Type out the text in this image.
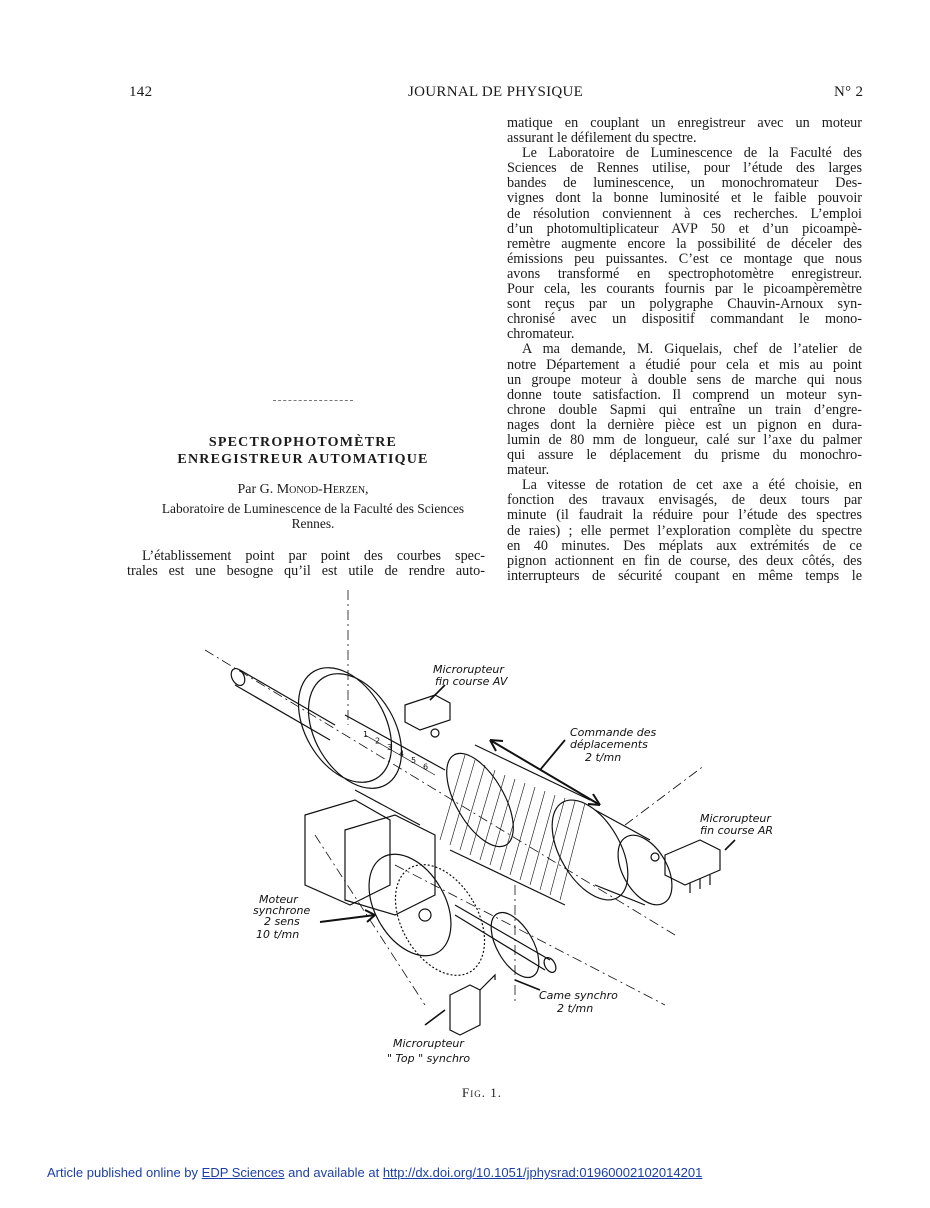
142	JOURNAL DE PHYSIQUE	N° 2
SPECTROPHOTOMÈTRE
ENREGISTREUR AUTOMATIQUE
Par G. Monod-Herzen,
Laboratoire de Luminescence de la Faculté des Sciences
Rennes.
L’établissement point par point des courbes spec-
trales est une besogne qu’il est utile de rendre auto-
matique en couplant un enregistreur avec un moteur
assurant le défilement du spectre.
Le Laboratoire de Luminescence de la Faculté des
Sciences de Rennes utilise, pour l’étude des larges
bandes de luminescence, un monochromateur Des-
vignes dont la bonne luminosité et le faible pouvoir
de résolution conviennent à ces recherches. L’emploi
d’un photomultiplicateur AVP 50 et d’un picoampè-
remètre augmente encore la possibilité de déceler des
émissions peu puissantes. C’est ce montage que nous
avons transformé en spectrophotomètre enregistreur.
Pour cela, les courants fournis par le picoampèremètre
sont reçus par un polygraphe Chauvin-Arnoux syn-
chronisé avec un dispositif commandant le mono-
chromateur.
A ma demande, M. Giquelais, chef de l’atelier de
notre Département a étudié pour cela et mis au point
un groupe moteur à double sens de marche qui nous
donne toute satisfaction. Il comprend un moteur syn-
chrone double Sapmi qui entraîne un train d’engre-
nages dont la dernière pièce est un pignon en dura-
lumin de 80 mm de longueur, calé sur l’axe du palmer
qui assure le déplacement du prisme du monochro-
mateur.
La vitesse de rotation de cet axe a été choisie, en
fonction des travaux envisagés, de deux tours par
minute (il faudrait la réduire pour l’étude des spectres
de raies) ; elle permet l’exploration complète du spectre
en 40 minutes. Des méplats aux extrémités de ce
pignon actionnent en fin de course, des deux côtés, des
interrupteurs de sécurité coupant en même temps le
Microrupteur
fin course AV
Commande des
déplacements
2 t/mn
Microrupteur
fin course AR
Moteur
synchrone
2 sens
10 t/mn
Came synchro
2 t/mn
Microrupteur
" Top " synchro
1
2
3
4
5
6
Fig. 1.
Article published online by EDP Sciences and available at http://dx.doi.org/10.1051/jphysrad:01960002102014201
